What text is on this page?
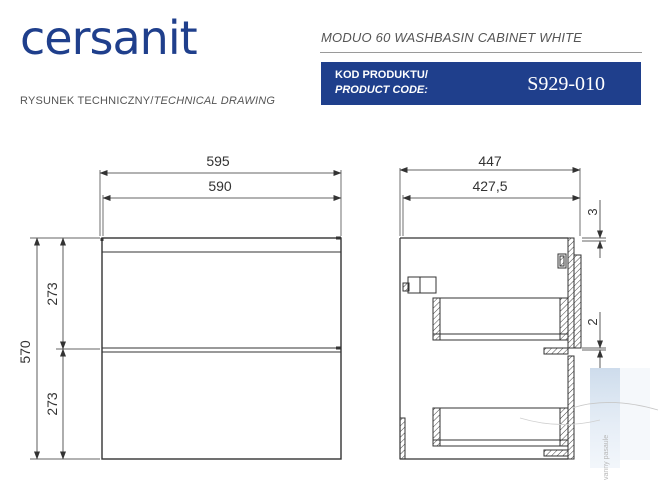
cersanit	MODUO 60 WASHBASIN CABINET WHITE
KOD PRODUKTU/
PRODUCT CODE:	S929-010
RYSUNEK TECHNICZNY/TECHNICAL DRAWING
595
590
570
273
273
447
427,5
3
2
vanny pasaule
